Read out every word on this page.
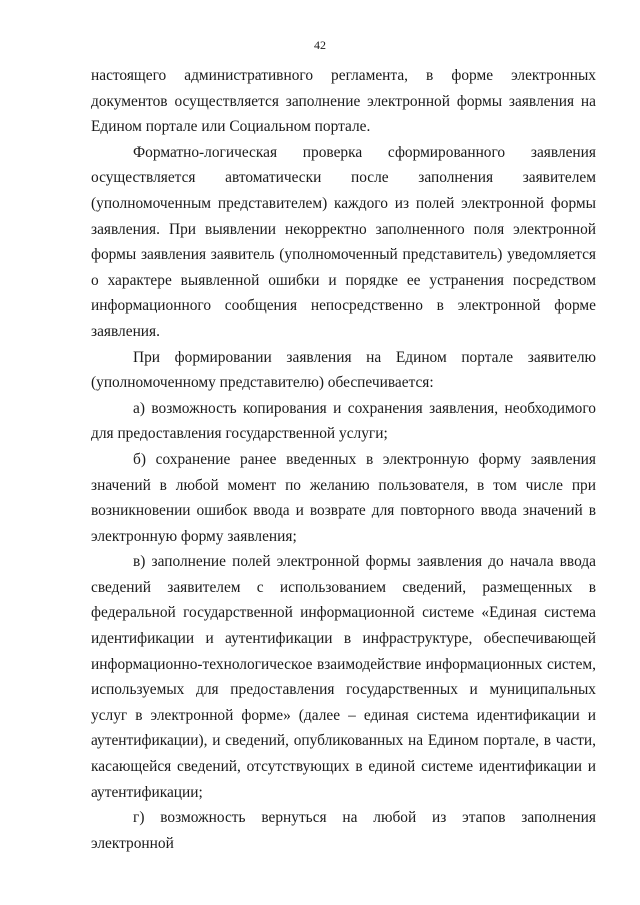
42

настоящего административного регламента, в форме электронных документов осуществляется заполнение электронной формы заявления на Едином портале или Социальном портале.

Форматно-логическая проверка сформированного заявления осуществляется автоматически после заполнения заявителем (уполномоченным представителем) каждого из полей электронной формы заявления. При выявлении некорректно заполненного поля электронной формы заявления заявитель (уполномоченный представитель) уведомляется о характере выявленной ошибки и порядке ее устранения посредством информационного сообщения непосредственно в электронной форме заявления.

При формировании заявления на Едином портале заявителю (уполномоченному представителю) обеспечивается:

а) возможность копирования и сохранения заявления, необходимого для предоставления государственной услуги;

б) сохранение ранее введенных в электронную форму заявления значений в любой момент по желанию пользователя, в том числе при возникновении ошибок ввода и возврате для повторного ввода значений в электронную форму заявления;

в) заполнение полей электронной формы заявления до начала ввода сведений заявителем с использованием сведений, размещенных в федеральной государственной информационной системе «Единая система идентификации и аутентификации в инфраструктуре, обеспечивающей информационно-технологическое взаимодействие информационных систем, используемых для предоставления государственных и муниципальных услуг в электронной форме» (далее – единая система идентификации и аутентификации), и сведений, опубликованных на Едином портале, в части, касающейся сведений, отсутствующих в единой системе идентификации и аутентификации;

г) возможность вернуться на любой из этапов заполнения электронной
